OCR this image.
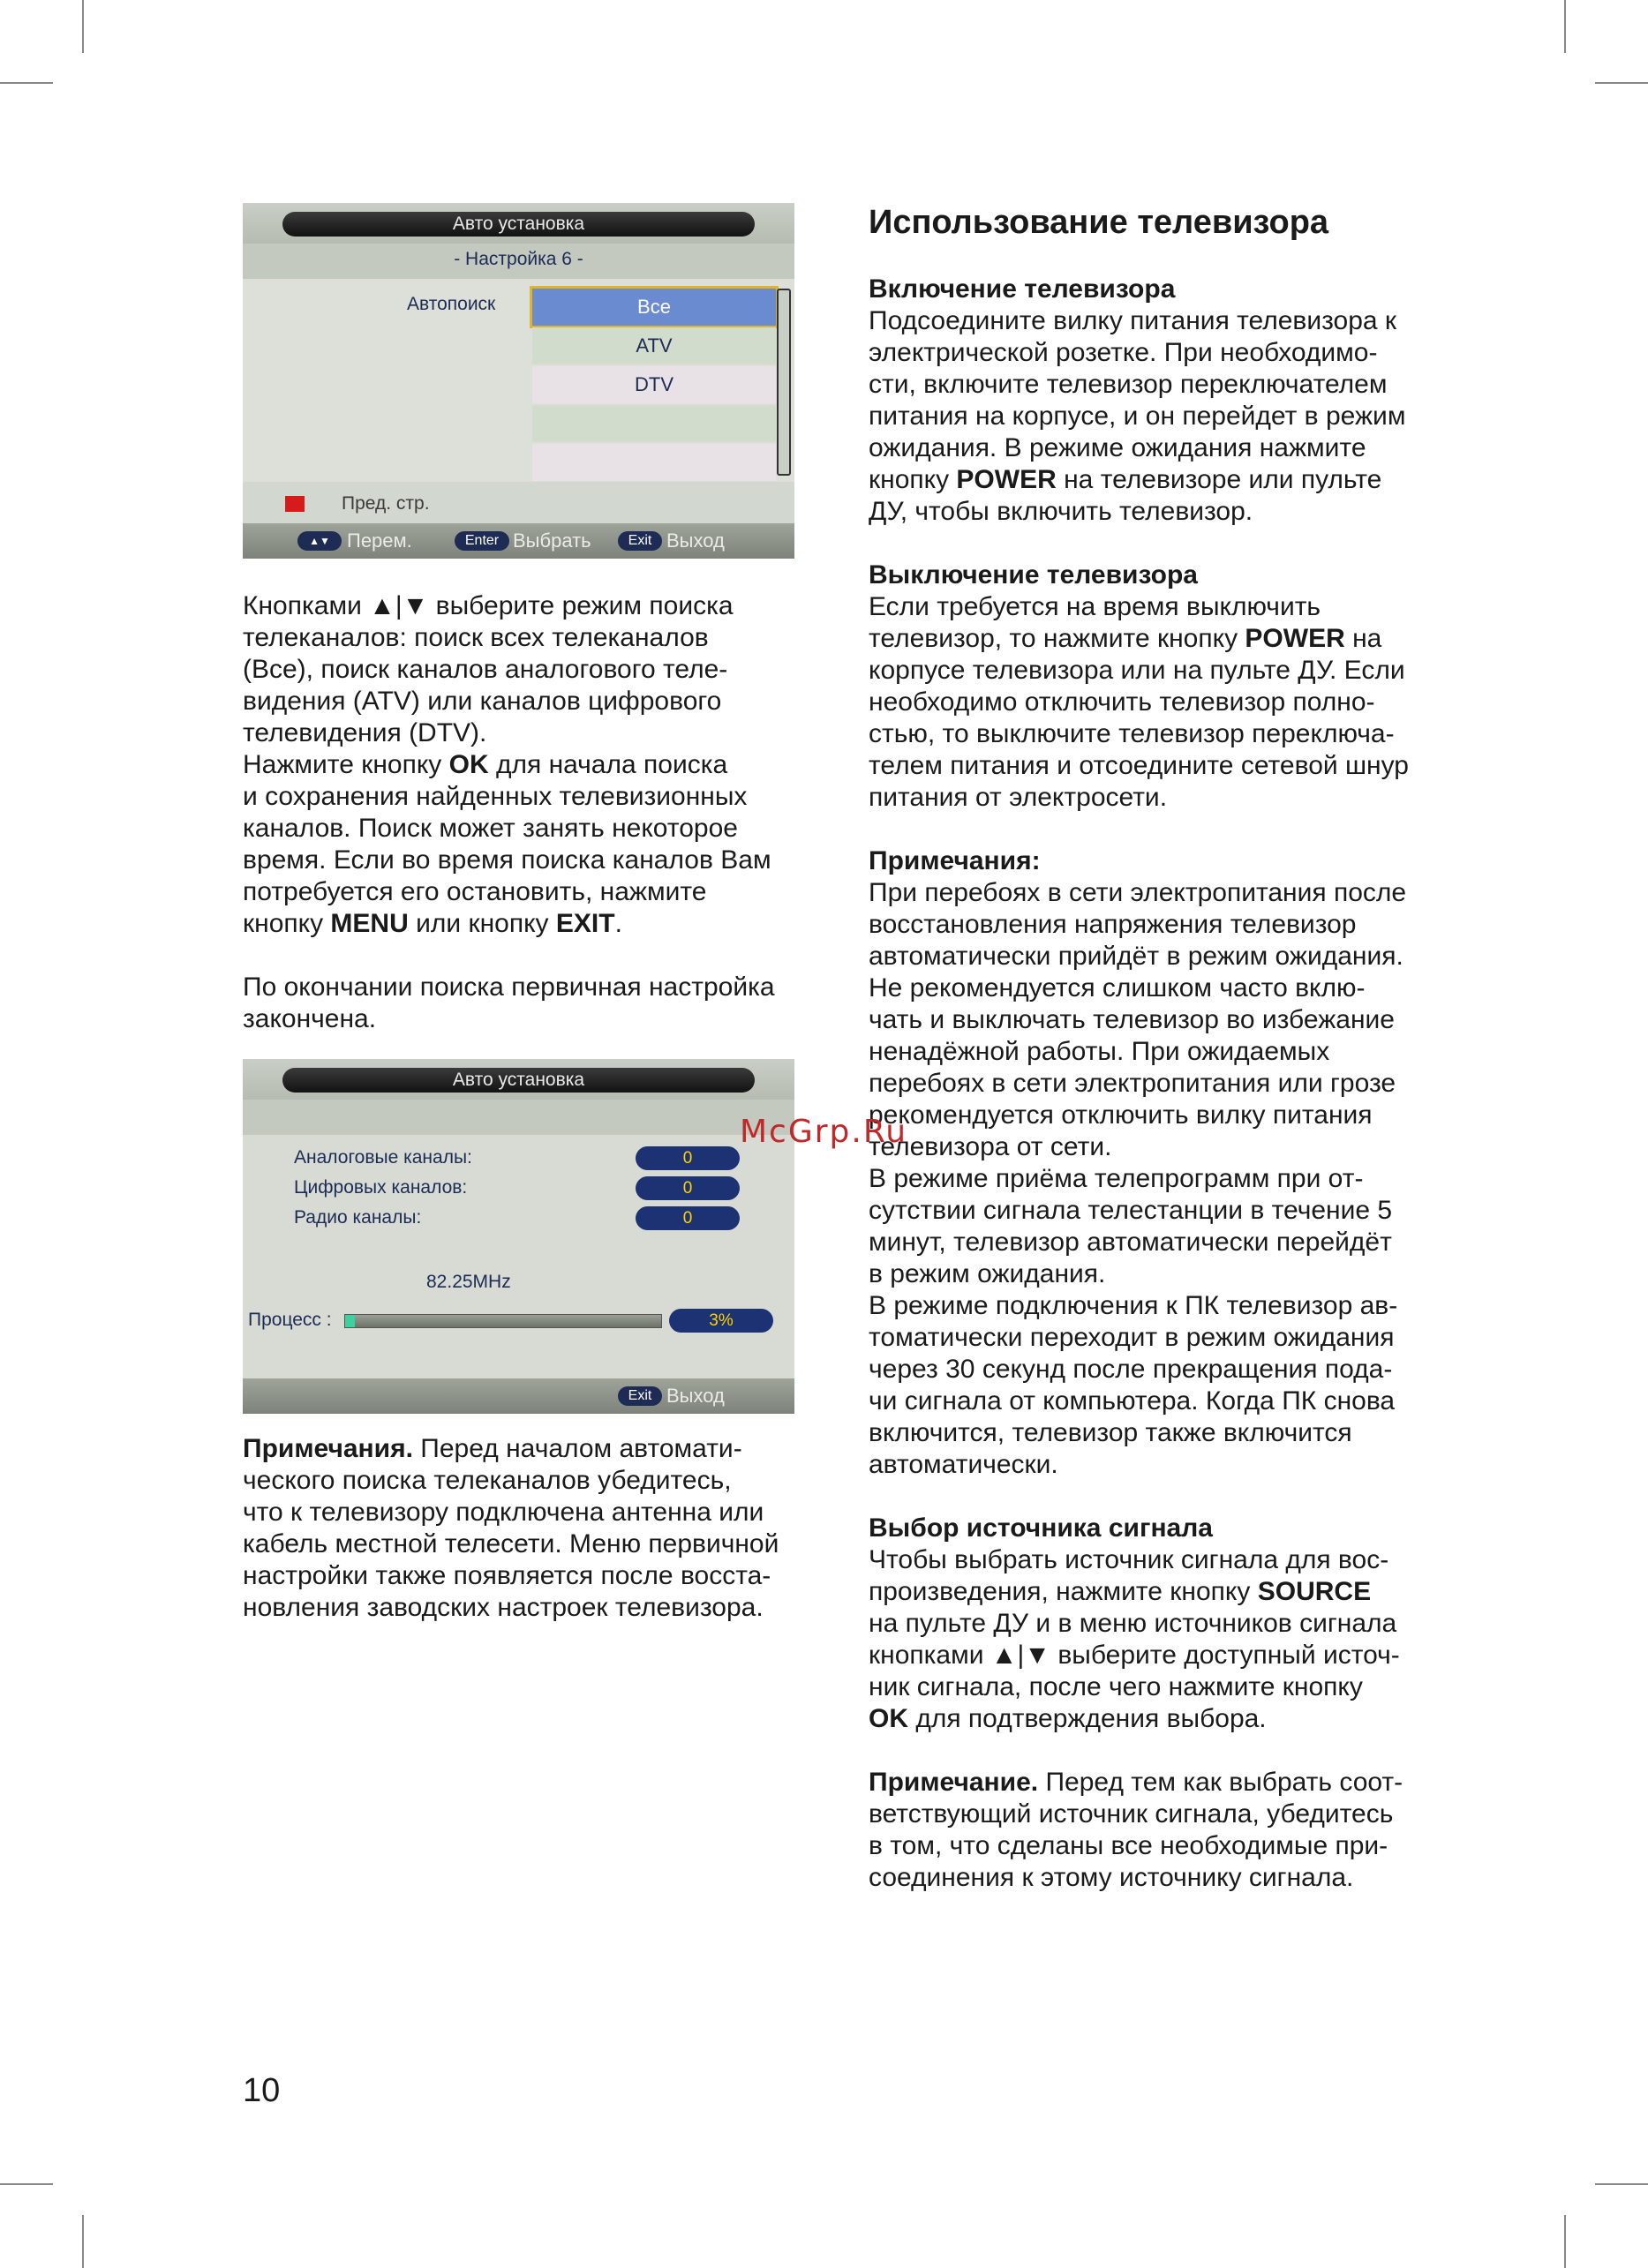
Авто установка
- Настройка 6 -
Автопоиск	Все
ATV
DTV
Пред. стр.
▲▼ Перем.	Enter Выбрать	Exit Выход
Авто установка
Аналоговые каналы:	0
Цифровых каналов:	0
Радио каналы:	0
82.25MHz
Процесс :	3%
Exit Выход

Кнопками ▲|▼ выберите режим поиска

телеканалов: поиск всех телеканалов

(Все), поиск каналов аналогового теле-

видения (ATV) или каналов цифрового

телевидения (DTV).

Нажмите кнопку OK для начала поиска

и сохранения найденных телевизионных

каналов. Поиск может занять некоторое

время. Если во время поиска каналов Вам

потребуется его остановить, нажмите

кнопку MENU или кнопку EXIT.

По окончании поиска первичная настройка

закончена.

Примечания. Перед началом автомати-

ческого поиска телеканалов убедитесь,

что к телевизору подключена антенна или

кабель местной телесети. Меню первичной

настройки также появляется после восста-

новления заводских настроек телевизора.

Использование телевизора

Включение телевизора

Подсоедините вилку питания телевизора к

электрической розетке. При необходимо-

сти, включите телевизор переключателем

питания на корпусе, и он перейдет в режим

ожидания. В режиме ожидания нажмите

кнопку POWER на телевизоре или пульте

ДУ, чтобы включить телевизор.

Выключение телевизора

Если требуется на время выключить

телевизор, то нажмите кнопку POWER на

корпусе телевизора или на пульте ДУ. Если

необходимо отключить телевизор полно-

стью, то выключите телевизор переключа-

телем питания и отсоедините сетевой шнур

питания от электросети.

Примечания:

При перебоях в сети электропитания после

восстановления напряжения телевизор

автоматически прийдёт в режим ожидания.

Не рекомендуется слишком часто вклю-

чать и выключать телевизор во избежание

ненадёжной работы. При ожидаемых

перебоях в сети электропитания или грозе

рекомендуется отключить вилку питания

телевизора от сети.

В режиме приёма телепрограмм при от-

сутствии сигнала телестанции в течение 5

минут, телевизор автоматически перейдёт

в режим ожидания.

В режиме подключения к ПК телевизор ав-

томатически переходит в режим ожидания

через 30 секунд после прекращения пода-

чи сигнала от компьютера. Когда ПК снова

включится, телевизор также включится

автоматически.

Выбор источника сигнала

Чтобы выбрать источник сигнала для вос-

произведения, нажмите кнопку SOURCE

на пульте ДУ и в меню источников сигнала

кнопками ▲|▼ выберите доступный источ-

ник сигнала, после чего нажмите кнопку

OK для подтверждения выбора.

Примечание. Перед тем как выбрать соот-

ветствующий источник сигнала, убедитесь

в том, что сделаны все необходимые при-

соединения к этому источнику сигнала.

McGrp.Ru
10
